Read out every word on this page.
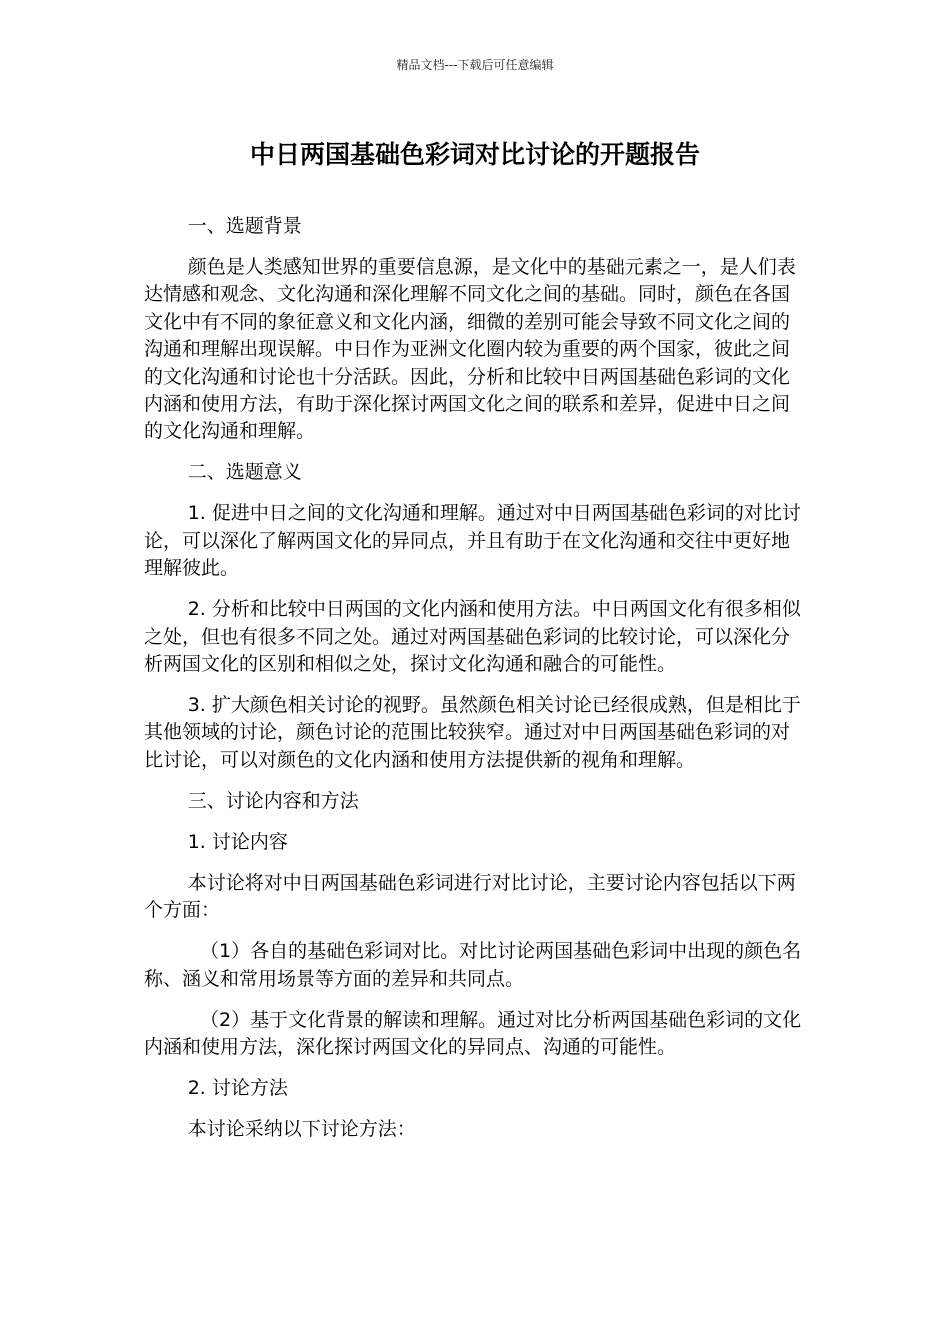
精品文档---下载后可任意编辑
中日两国基础色彩词对比讨论的开题报告

一、选题背景

颜色是人类感知世界的重要信息源，是文化中的基础元素之一，是人们表达情感和观念、文化沟通和深化理解不同文化之间的基础。同时，颜色在各国文化中有不同的象征意义和文化内涵，细微的差别可能会导致不同文化之间的沟通和理解出现误解。中日作为亚洲文化圈内较为重要的两个国家，彼此之间的文化沟通和讨论也十分活跃。因此，分析和比较中日两国基础色彩词的文化内涵和使用方法，有助于深化探讨两国文化之间的联系和差异，促进中日之间的文化沟通和理解。

二、选题意义

1. 促进中日之间的文化沟通和理解。通过对中日两国基础色彩词的对比讨论，可以深化了解两国文化的异同点，并且有助于在文化沟通和交往中更好地理解彼此。

2. 分析和比较中日两国的文化内涵和使用方法。中日两国文化有很多相似之处，但也有很多不同之处。通过对两国基础色彩词的比较讨论，可以深化分析两国文化的区别和相似之处，探讨文化沟通和融合的可能性。

3. 扩大颜色相关讨论的视野。虽然颜色相关讨论已经很成熟，但是相比于其他领域的讨论，颜色讨论的范围比较狭窄。通过对中日两国基础色彩词的对比讨论，可以对颜色的文化内涵和使用方法提供新的视角和理解。

三、讨论内容和方法

1. 讨论内容

本讨论将对中日两国基础色彩词进行对比讨论，主要讨论内容包括以下两个方面：

（1）各自的基础色彩词对比。对比讨论两国基础色彩词中出现的颜色名称、涵义和常用场景等方面的差异和共同点。

（2）基于文化背景的解读和理解。通过对比分析两国基础色彩词的文化内涵和使用方法，深化探讨两国文化的异同点、沟通的可能性。

2. 讨论方法

本讨论采纳以下讨论方法：
